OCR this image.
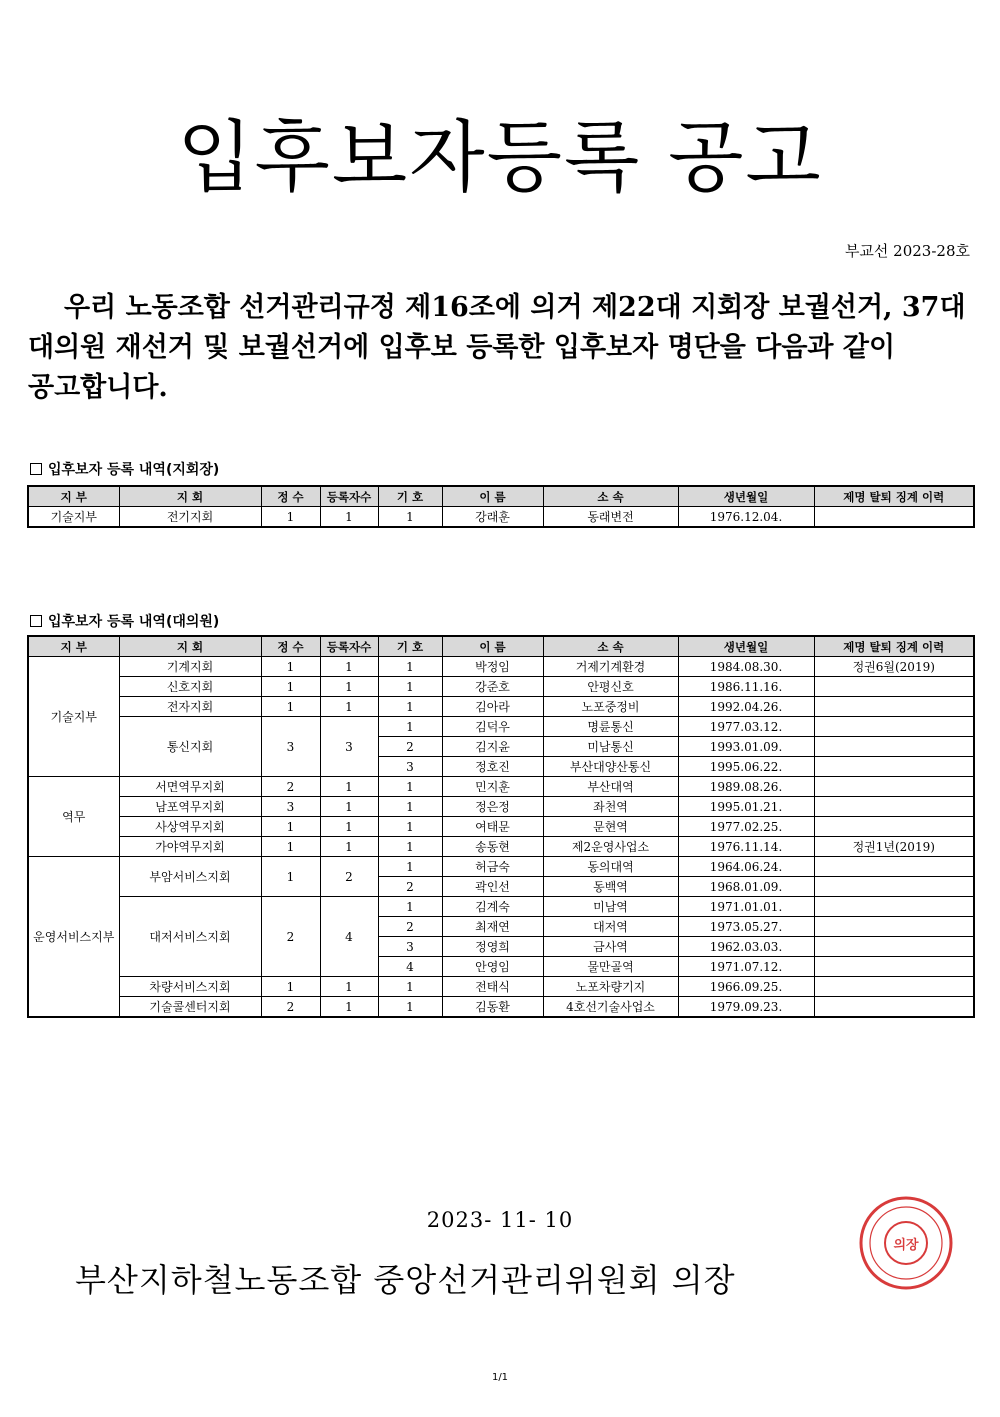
입후보자등록 공고
부교선 2023-28호
우리 노동조합 선거관리규정 제16조에 의거 제22대 지회장 보궐선거, 37대 대의원 재선거 및 보궐선거에 입후보 등록한 입후보자 명단을 다음과 같이 공고합니다.
입후보자 등록 내역(지회장)
지 부	지 회	정 수	등록자수	기 호	이 름	소 속	생년월일	제명 탈퇴 징계 이력
기술지부	전기지회	1	1	1	강래훈	동래변전	1976.12.04.	
입후보자 등록 내역(대의원)
지 부	지 회	정 수	등록자수	기 호	이 름	소 속	생년월일	제명 탈퇴 징계 이력
기술지부	기계지회	1	1	1	박정임	거제기계환경	1984.08.30.	정권6월(2019)
	신호지회	1	1	1	강준호	안평신호	1986.11.16.	
	전자지회	1	1	1	김아라	노포중정비	1992.04.26.	
	통신지회	3	3	1	김덕우	명륜통신	1977.03.12.	
				2	김지윤	미남통신	1993.01.09.	
				3	정호진	부산대양산통신	1995.06.22.	
역무	서면역무지회	2	1	1	민지훈	부산대역	1989.08.26.	
	남포역무지회	3	1	1	정은정	좌천역	1995.01.21.	
	사상역무지회	1	1	1	여태문	문현역	1977.02.25.	
	가야역무지회	1	1	1	송동현	제2운영사업소	1976.11.14.	정권1년(2019)
운영서비스지부	부암서비스지회	1	2	1	허금숙	동의대역	1964.06.24.	
				2	곽인선	동백역	1968.01.09.	
	대저서비스지회	2	4	1	김계숙	미남역	1971.01.01.	
				2	최재연	대저역	1973.05.27.	
				3	정영희	금사역	1962.03.03.	
				4	안영임	물만골역	1971.07.12.	
	차량서비스지회	1	1	1	전태식	노포차량기지	1966.09.25.	
	기술콜센터지회	2	1	1	김동환	4호선기술사업소	1979.09.23.	
2023- 11- 10
부산지하철노동조합 중앙선거관리위원회 의장
의장
1/1
